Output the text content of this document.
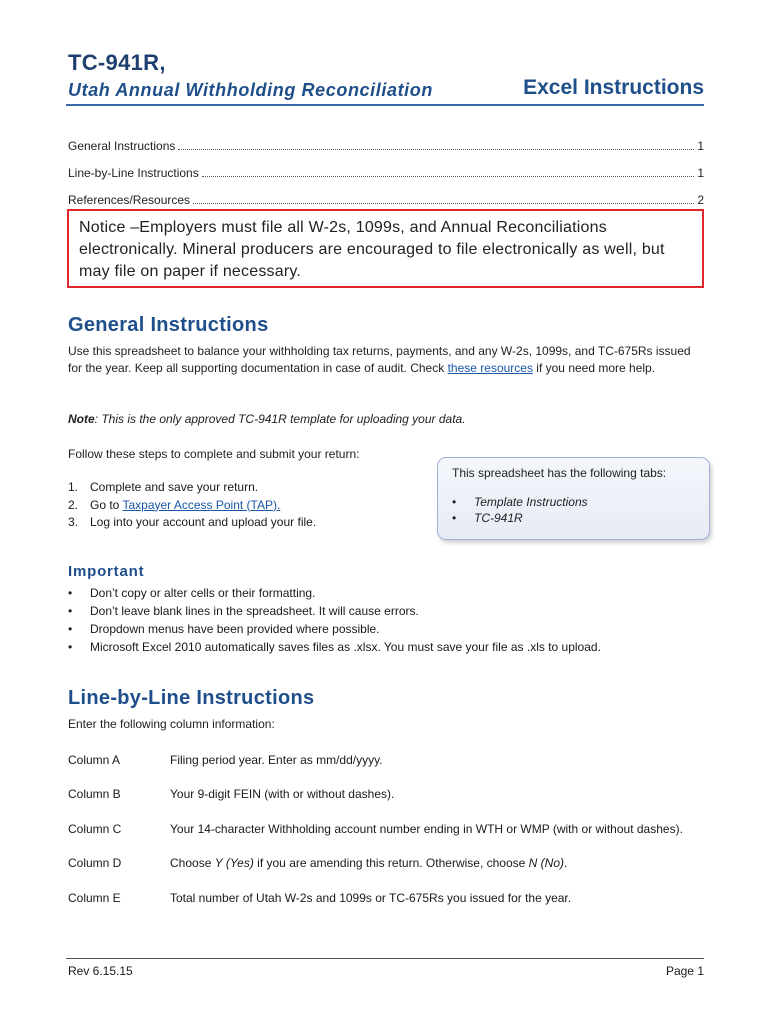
TC-941R,
Utah Annual Withholding Reconciliation	Excel Instructions
General Instructions	1
Line-by-Line Instructions	1
References/Resources	2
Notice –Employers must file all W-2s, 1099s, and Annual Reconciliations electronically. Mineral producers are encouraged to file electronically as well, but may file on paper if necessary.
General Instructions
Use this spreadsheet to balance your withholding tax returns, payments, and any W-2s, 1099s, and TC-675Rs issued for the year. Keep all supporting documentation in case of audit. Check these resources if you need more help.
Note: This is the only approved TC-941R template for uploading your data.
Follow these steps to complete and submit your return:
1. Complete and save your return.
2. Go to Taxpayer Access Point (TAP).
3. Log into your account and upload your file.
This spreadsheet has the following tabs:
•	Template Instructions
•	TC-941R
Important
•	Don’t copy or alter cells or their formatting.
•	Don’t leave blank lines in the spreadsheet. It will cause errors.
•	Dropdown menus have been provided where possible.
•	Microsoft Excel 2010 automatically saves files as .xlsx. You must save your file as .xls to upload.
Line-by-Line Instructions
Enter the following column information:
Column A	Filing period year. Enter as mm/dd/yyyy.
Column B	Your 9-digit FEIN (with or without dashes).
Column C	Your 14-character Withholding account number ending in WTH or WMP (with or without dashes).
Column D	Choose Y (Yes) if you are amending this return. Otherwise, choose N (No).
Column E	Total number of Utah W-2s and 1099s or TC-675Rs you issued for the year.
Rev 6.15.15	Page 1
